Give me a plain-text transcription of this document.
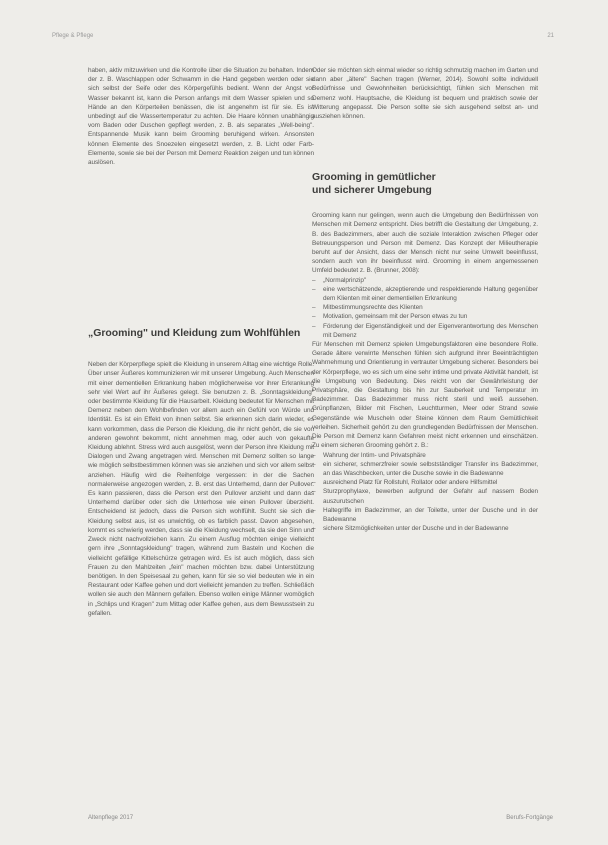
Pflege & Pflege	21

haben, aktiv mitzuwirken und die Kontrolle über die Situation zu behalten. Indem der z. B. Waschlappen oder Schwamm in die Hand gegeben werden oder sie sich selbst der Seife oder des Körpergefühls bedient. Wenn der Angst vor Wasser bekannt ist, kann die Person anfangs mit dem Wasser spielen und so Hände an den Körperteilen benässen, die ist angenehm ist für sie. Es ist unbedingt auf die Wassertemperatur zu achten. Die Haare können unabhängig vom Baden oder Duschen gepflegt werden, z. B. als separates „Well-being". Entspannende Musik kann beim Grooming beruhigend wirken. Ansonsten können Elemente des Snoezelen eingesetzt werden, z. B. Licht oder Farb-Elemente, sowie sie bei der Person mit Demenz Reaktion zeigen und tun können auslösen.

„Grooming" und Kleidung zum Wohlfühlen

Neben der Körperpflege spielt die Kleidung in unserem Alltag eine wichtige Rolle. Über unser Äußeres kommunizieren wir mit unserer Umgebung. Auch Menschen mit einer dementiellen Erkrankung haben möglicherweise vor ihrer Erkrankung sehr viel Wert auf ihr Äußeres gelegt. Sie benutzen z. B. „Sonntagskleidung" oder bestimmte Kleidung für die Hausarbeit. Kleidung bedeutet für Menschen mit Demenz neben dem Wohlbefinden vor allem auch ein Gefühl von Würde und Identität. Es ist ein Effekt von ihnen selbst. Sie erkennen sich darin wieder, es kann vorkommen, dass die Person die Kleidung, die ihr nicht gehört, die sie von anderen gewohnt bekommt, nicht annehmen mag, oder auch von gekaufte Kleidung ablehnt. Stress wird auch ausgelöst, wenn der Person ihre Kleidung mit Dialogen und Zwang angetragen wird. Menschen mit Demenz sollten so lange wie möglich selbstbestimmen können was sie anziehen und sich vor allem selbst anziehen. Häufig wird die Reihenfolge vergessen: in der die Sachen normalerweise angezogen werden, z. B. erst das Unterhemd, dann der Pullover. Es kann passieren, dass die Person erst den Pullover anzieht und dann das Unterhemd darüber oder sich die Unterhose wie einen Pullover überzieht. Entscheidend ist jedoch, dass die Person sich wohlfühlt. Sucht sie sich die Kleidung selbst aus, ist es unwichtig, ob es farblich passt. Davon abgesehen, kommt es schwierig werden, dass sie die Kleidung wechselt, da sie den Sinn und Zweck nicht nachvollziehen kann. Zu einem Ausflug möchten einige vielleicht gern ihre „Sonntagskleidung" tragen, während zum Basteln und Kochen die vielleicht gefällige Kittelschürze getragen wird. Es ist auch möglich, dass sich Frauen zu den Mahlzeiten „fein" machen möchten bzw. dabei Unterstützung benötigen. In den Speisesaal zu gehen, kann für sie so viel bedeuten wie in ein Restaurant oder Kaffee gehen und dort vielleicht jemanden zu treffen. Schließlich wollen sie auch den Männern gefallen. Ebenso wollen einige Männer womöglich in „Schlips und Kragen" zum Mittag oder Kaffee gehen, aus dem Bewusstsein zu gefallen.

Oder sie möchten sich einmal wieder so richtig schmutzig machen im Garten und dann aber „ältere" Sachen tragen (Werner, 2014). Sowohl sollte individuell Bedürfnisse und Gewohnheiten berücksichtigt, fühlen sich Menschen mit Demenz wohl. Hauptsache, die Kleidung ist bequem und praktisch sowie der Witterung angepasst. Die Person sollte sie sich ausgehend selbst an- und ausziehen können.

Grooming in gemütlicher
und sicherer Umgebung

Grooming kann nur gelingen, wenn auch die Umgebung den Bedürfnissen von Menschen mit Demenz entspricht. Dies betrifft die Gestaltung der Umgebung, z. B. des Badezimmers, aber auch die soziale Interaktion zwischen Pfleger oder Betreuungsperson und Person mit Demenz. Das Konzept der Milieutherapie beruht auf der Ansicht, dass der Mensch nicht nur seine Umwelt beeinflusst, sondern auch von ihr beeinflusst wird. Grooming in einem angemessenen Umfeld bedeutet z. B. (Brunner, 2008):

– „Normalprinzip"
– eine wertschätzende, akzeptierende und respektierende Haltung gegenüber dem Klienten mit einer dementiellen Erkrankung
– Mitbestimmungsrechte des Klienten
– Motivation, gemeinsam mit der Person etwas zu tun
– Förderung der Eigenständigkeit und der Eigenverantwortung des Menschen mit Demenz

Für Menschen mit Demenz spielen Umgebungsfaktoren eine besondere Rolle. Gerade ältere verwirrte Menschen fühlen sich aufgrund ihrer Beeinträchtigten Wahrnehmung und Orientierung in vertrauter Umgebung sicherer. Besonders bei der Körperpflege, wo es sich um eine sehr intime und private Aktivität handelt, ist die Umgebung von Bedeutung. Dies reicht von der Gewährleistung der Privatsphäre, die Gestaltung bis hin zur Sauberkeit und Temperatur im Badezimmer. Das Badezimmer muss nicht steril und weiß aussehen. Grünpflanzen, Bilder mit Fischen, Leuchtturmen, Meer oder Strand sowie Gegenstände wie Muscheln oder Steine können dem Raum Gemütlichkeit verleihen. Sicherheit gehört zu den grundlegenden Bedürfnissen der Menschen. Die Person mit Demenz kann Gefahren meist nicht erkennen und einschätzen. Zu einem sicheren Grooming gehört z. B.:

– Wahrung der Intim- und Privatsphäre
– ein sicherer, schmerzfreier sowie selbstständiger Transfer ins Badezimmer, an das Waschbecken, unter die Dusche sowie in die Badewanne
– ausreichend Platz für Rollstuhl, Rollator oder andere Hilfsmittel
– Sturzprophylaxe, bewerben aufgrund der Gefahr auf nassem Boden auszurutschen
– Haltegriffe im Badezimmer, an der Toilette, unter der Dusche und in der Badewanne
– sichere Sitzmöglichkeiten unter der Dusche und in der Badewanne
Altenpflege 2017	Berufs-Fortgänge
